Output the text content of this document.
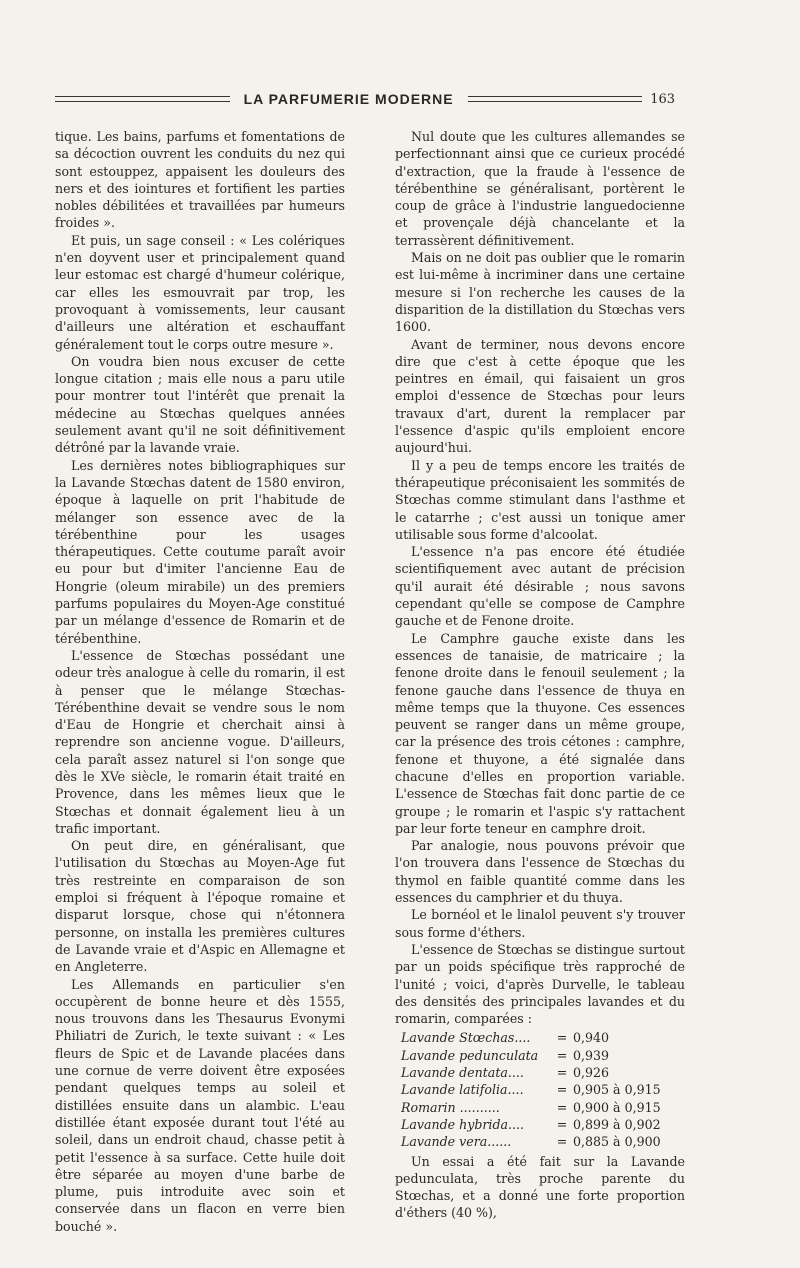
LA PARFUMERIE MODERNE	163

tique. Les bains, parfums et fomentations de sa décoction ouvrent les conduits du nez qui sont estouppez, appaisent les douleurs des ners et des iointures et fortifient les parties nobles débilitées et travaillées par humeurs froides ».

Et puis, un sage conseil : « Les colériques n'en doyvent user et principalement quand leur estomac est chargé d'humeur colérique, car elles les esmouvrait par trop, les provoquant à vomissements, leur causant d'ailleurs une altération et eschauffant généralement tout le corps outre mesure ».

On voudra bien nous excuser de cette longue citation ; mais elle nous a paru utile pour montrer tout l'intérêt que prenait la médecine au Stœchas quelques années seulement avant qu'il ne soit définitivement détrôné par la lavande vraie.

Les dernières notes bibliographiques sur la Lavande Stœchas datent de 1580 environ, époque à laquelle on prit l'habitude de mélanger son essence avec de la térébenthine pour les usages thérapeutiques. Cette coutume paraît avoir eu pour but d'imiter l'ancienne Eau de Hongrie (oleum mirabile) un des premiers parfums populaires du Moyen-Age constitué par un mélange d'essence de Romarin et de térébenthine.

L'essence de Stœchas possédant une odeur très analogue à celle du romarin, il est à penser que le mélange Stœchas-Térébenthine devait se vendre sous le nom d'Eau de Hongrie et cherchait ainsi à reprendre son ancienne vogue. D'ailleurs, cela paraît assez naturel si l'on songe que dès le XVe siècle, le romarin était traité en Provence, dans les mêmes lieux que le Stœchas et donnait également lieu à un trafic important.

On peut dire, en généralisant, que l'utilisation du Stœchas au Moyen-Age fut très restreinte en comparaison de son emploi si fréquent à l'époque romaine et disparut lorsque, chose qui n'étonnera personne, on installa les premières cultures de Lavande vraie et d'Aspic en Allemagne et en Angleterre.

Les Allemands en particulier s'en occupèrent de bonne heure et dès 1555, nous trouvons dans les Thesaurus Evonymi Philiatri de Zurich, le texte suivant : « Les fleurs de Spic et de Lavande placées dans une cornue de verre doivent être exposées pendant quelques temps au soleil et distillées ensuite dans un alambic. L'eau distillée étant exposée durant tout l'été au soleil, dans un endroit chaud, chasse petit à petit l'essence à sa surface. Cette huile doit être séparée au moyen d'une barbe de plume, puis introduite avec soin et conservée dans un flacon en verre bien bouché ».

Nul doute que les cultures allemandes se perfectionnant ainsi que ce curieux procédé d'extraction, que la fraude à l'essence de térébenthine se généralisant, portèrent le coup de grâce à l'industrie languedocienne et provençale déjà chancelante et la terrassèrent définitivement.

Mais on ne doit pas oublier que le romarin est lui-même à incriminer dans une certaine mesure si l'on recherche les causes de la disparition de la distillation du Stœchas vers 1600.

Avant de terminer, nous devons encore dire que c'est à cette époque que les peintres en émail, qui faisaient un gros emploi d'essence de Stœchas pour leurs travaux d'art, durent la remplacer par l'essence d'aspic qu'ils emploient encore aujourd'hui.

Il y a peu de temps encore les traités de thérapeutique préconisaient les sommités de Stœchas comme stimulant dans l'asthme et le catarrhe ; c'est aussi un tonique amer utilisable sous forme d'alcoolat.

L'essence n'a pas encore été étudiée scientifiquement avec autant de précision qu'il aurait été désirable ; nous savons cependant qu'elle se compose de Camphre gauche et de Fenone droite.

Le Camphre gauche existe dans les essences de tanaisie, de matricaire ; la fenone droite dans le fenouil seulement ; la fenone gauche dans l'essence de thuya en même temps que la thuyone. Ces essences peuvent se ranger dans un même groupe, car la présence des trois cétones : camphre, fenone et thuyone, a été signalée dans chacune d'elles en proportion variable. L'essence de Stœchas fait donc partie de ce groupe ; le romarin et l'aspic s'y rattachent par leur forte teneur en camphre droit.

Par analogie, nous pouvons prévoir que l'on trouvera dans l'essence de Stœchas du thymol en faible quantité comme dans les essences du camphrier et du thuya.

Le bornéol et le linalol peuvent s'y trouver sous forme d'éthers.

L'essence de Stœchas se distingue surtout par un poids spécifique très rapproché de l'unité ; voici, d'après Durvelle, le tableau des densités des principales lavandes et du romarin, comparées :

Lavande Stœchas....	=	0,940
Lavande pedunculata	=	0,939
Lavande dentata....	=	0,926
Lavande latifolia....	=	0,905 à 0,915
Romarin ..........	=	0,900 à 0,915
Lavande hybrida....	=	0,899 à 0,902
Lavande vera......	=	0,885 à 0,900

Un essai a été fait sur la Lavande pedunculata, très proche parente du Stœchas, et a donné une forte proportion d'éthers (40 %),
